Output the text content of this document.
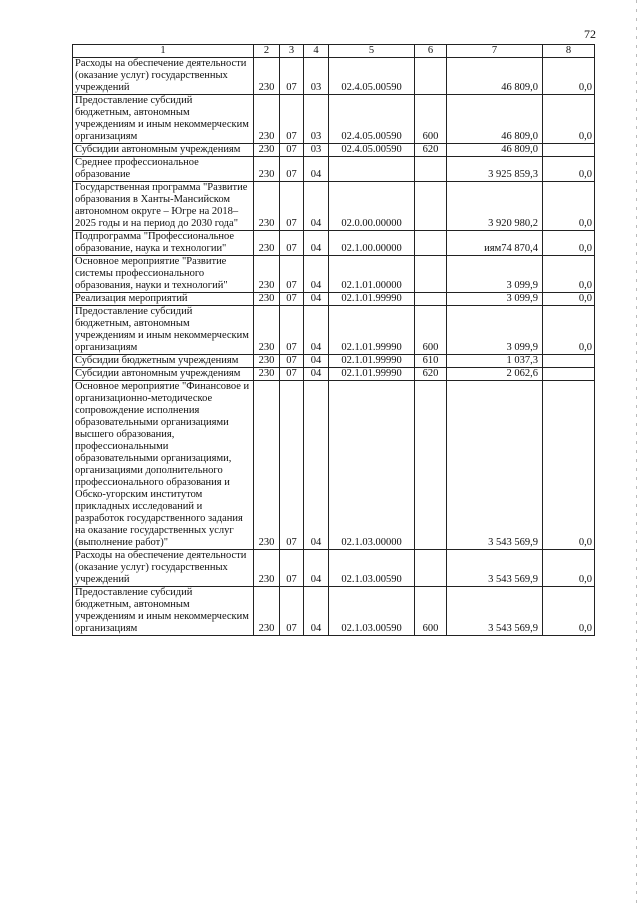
72
1	2	3	4	5	6	7	8
Расходы на обеспечение деятельности (оказание услуг) государственных учреждений	230	07	03	02.4.05.00590		46 809,0	0,0
Предоставление субсидий бюджетным, автономным учреждениям и иным некоммерческим организациям	230	07	03	02.4.05.00590	600	46 809,0	0,0
Субсидии автономным учреждениям	230	07	03	02.4.05.00590	620	46 809,0	
Среднее профессиональное образование	230	07	04			3 925 859,3	0,0
Государственная программа "Развитие образования в Ханты-Мансийском автономном округе – Югре на 2018–2025 годы и на период до 2030 года"	230	07	04	02.0.00.00000		3 920 980,2	0,0
Подпрограмма "Профессиональное образование, наука и технологии"	230	07	04	02.1.00.00000		иям74 870,4	0,0
Основное мероприятие "Развитие системы профессионального образования, науки и технологий"	230	07	04	02.1.01.00000		3 099,9	0,0
Реализация мероприятий	230	07	04	02.1.01.99990		3 099,9	0,0
Предоставление субсидий бюджетным, автономным учреждениям и иным некоммерческим организациям	230	07	04	02.1.01.99990	600	3 099,9	0,0
Субсидии бюджетным учреждениям	230	07	04	02.1.01.99990	610	1 037,3	
Субсидии автономным учреждениям	230	07	04	02.1.01.99990	620	2 062,6	
Основное мероприятие "Финансовое и организационно-методическое сопровождение исполнения образовательными организациями высшего образования, профессиональными образовательными организациями, организациями дополнительного профессионального образования и Обско-угорским институтом прикладных исследований и разработок государственного задания на оказание государственных услуг (выполнение работ)"	230	07	04	02.1.03.00000		3 543 569,9	0,0
Расходы на обеспечение деятельности (оказание услуг) государственных учреждений	230	07	04	02.1.03.00590		3 543 569,9	0,0
Предоставление субсидий бюджетным, автономным учреждениям и иным некоммерческим организациям	230	07	04	02.1.03.00590	600	3 543 569,9	0,0
